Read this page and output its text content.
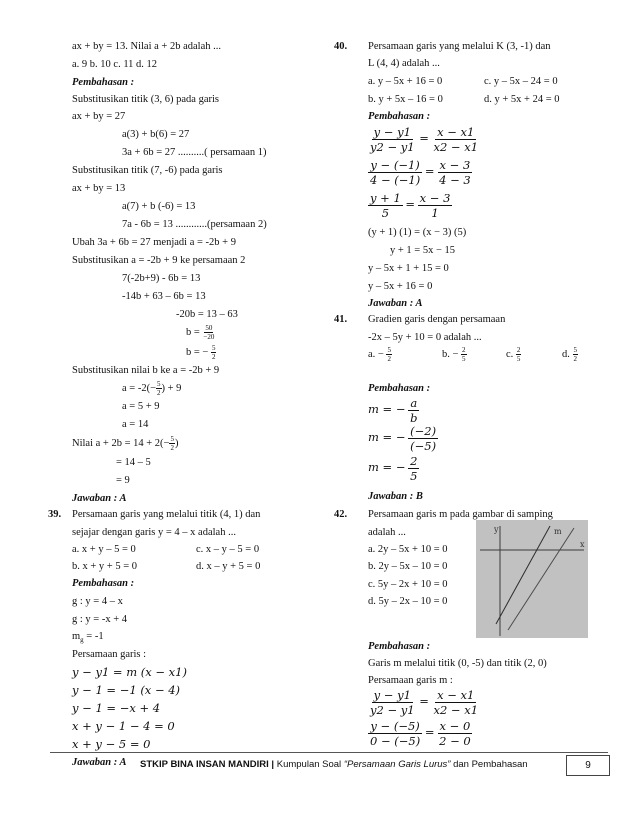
ax + by = 13. Nilai a + 2b adalah ...
a. 9 b. 10 c. 11 d. 12
Pembahasan :
Substitusikan titik (3, 6) pada garis
ax + by = 27
a(3) + b(6) = 27
3a + 6b = 27 ..........( persamaan 1)
Substitusikan titik (7, -6) pada garis
ax + by = 13
a(7) + b (-6) = 13
7a - 6b = 13 ............(persamaan 2)
Ubah 3a + 6b = 27 menjadi a = -2b + 9
Substitusikan a = -2b + 9 ke persamaan 2
7(-2b+9) - 6b = 13
-14b + 63 – 6b = 13
-20b = 13 – 63
$b = \frac{50}{-20}$
b = − $\frac{5}{2}$
Substitusikan nilai b ke a = -2b + 9
$a = -2(- \frac{5}{2}$ ) + 9
a = 5 + 9
a = 14
Nilai $a + 2b = 14 + 2(- \frac{5}{2}$ )
= 14 – 5
= 9
Jawaban : A
39. Persamaan garis yang melalui titik (4, 1) dan
sejajar dengan garis y = 4 – x adalah ...
a. x + y – 5 = 0	c. x – y – 5 = 0
b. x + y + 5 = 0	d. x – y + 5 = 0
Pembahasan :
g : y = 4 – x
g : y = -x + 4
$m_g = -1$
Persamaan garis :
𝑦 − 𝑦1 = 𝑚 (𝑥 − 𝑥1)
𝑦 − 1 = −1 (𝑥 − 4)
𝑦 − 1 = −𝑥 + 4
𝑥 + 𝑦 − 1 − 4 = 0
𝑥 + 𝑦 − 5 = 0
Jawaban : A
40. Persamaan garis yang melalui K (3, -1) dan
L (4, 4) adalah ...
a. y – 5x + 16 = 0	c. y – 5x – 24 = 0
b. y + 5x – 16 = 0	d. y + 5x + 24 = 0
Pembahasan :
$\frac{\text{𝑦 − 𝑦1}}{\text{𝑦2 − 𝑦1}} = \frac{\text{𝑥 − 𝑥1}}{\text{𝑥2 − 𝑥1}}$
$\frac{\text{𝑦 − (−1)}}{4 - (-1)} = \frac{\text{𝑥 − 3}}{4 - 3}$
$\frac{\text{𝑦 + 1}}{5} = \frac{\text{𝑥 − 3}}{1}$
(y + 1) (1) = (x − 3) (5)
y + 1 = 5x − 15
y – 5x + 1 + 15 = 0
y – 5x + 16 = 0
Jawaban : A
41. Gradien garis dengan persamaan
-2x – 5y + 10 = 0 adalah ...
a. − $\frac{5}{2}$	b. − $\frac{2}{5}$	c. $\frac{2}{5}$	d. $\frac{5}{2}$
Pembahasan :
𝑚 = − $\frac{\text{𝑎}}{\text{𝑏}}$
𝑚 = − $\frac{(-2)}{(-5)}$
𝑚 = − $\frac{2}{5}$
Jawaban : B
42. Persamaan garis m pada gambar di samping
adalah ...
a. 2y – 5x + 10 = 0
b. 2y – 5x – 10 = 0
c. 5y – 2x + 10 = 0
d. 5y – 2x – 10 = 0
y
x
m
Pembahasan :
Garis m melalui titik (0, -5) dan titik (2, 0)
Persamaan garis m :
$\frac{\text{𝑦 − 𝑦1}}{\text{𝑦2 − 𝑦1}} = \frac{\text{𝑥 − 𝑥1}}{\text{𝑥2 − 𝑥1}}$
$\frac{\text{𝑦 − (−5)}}{0 - (-5)} = \frac{\text{𝑥 − 0}}{2 - 0}$
STKIP BINA INSAN MANDIRI | Kumpulan Soal “Persamaan Garis Lurus” dan Pembahasan	9
